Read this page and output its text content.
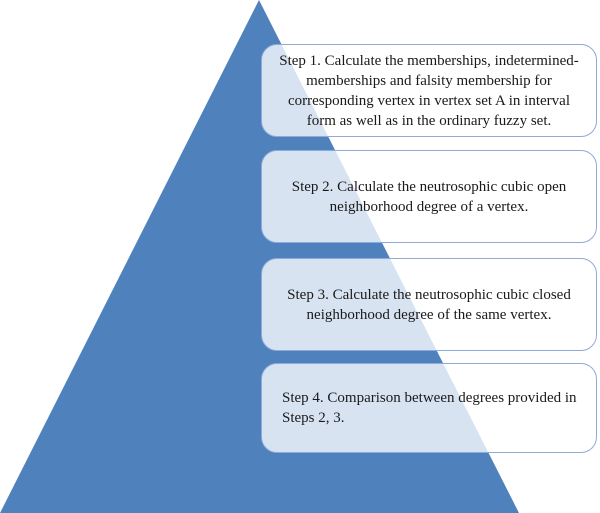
Step 1. Calculate the memberships, indetermined-memberships and falsity membership for corresponding vertex in vertex set A in interval form as well as in the ordinary fuzzy set.
Step 2. Calculate the neutrosophic cubic open neighborhood degree of a vertex.
Step 3. Calculate the neutrosophic cubic closed neighborhood degree of the same vertex.
Step 4. Comparison between degrees provided in Steps 2, 3.
